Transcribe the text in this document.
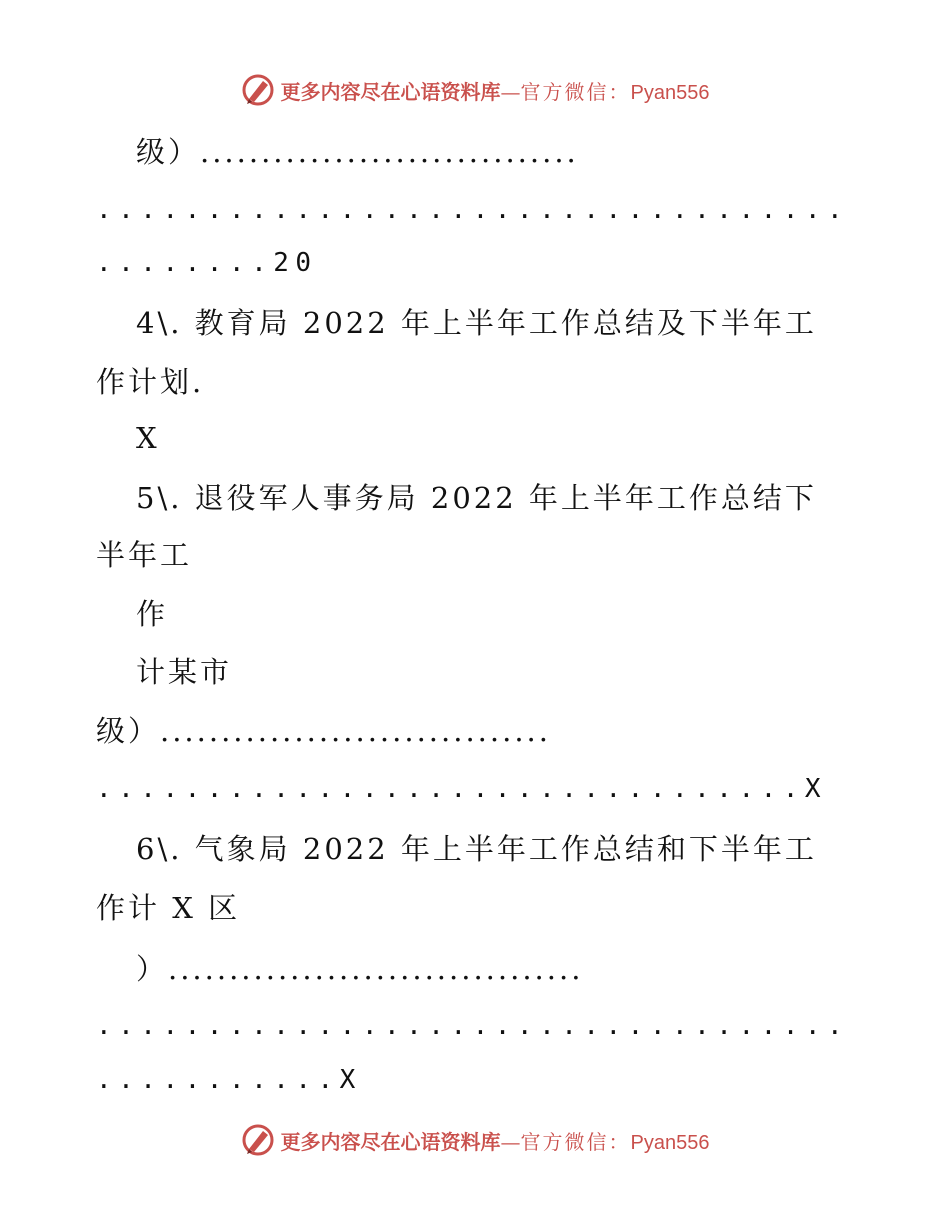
更多内容尽在心语资料库—官方微信：Pyan556
级）...............................
..................................
........20
4\. 教育局 2022 年上半年工作总结及下半年工
作计划.
X
5\. 退役军人事务局 2022 年上半年工作总结下
半年工
作
计某市
级）................................
................................X
6\. 气象局 2022 年上半年工作总结和下半年工
作计 X 区
）..................................
..................................
...........X
更多内容尽在心语资料库—官方微信：Pyan556
